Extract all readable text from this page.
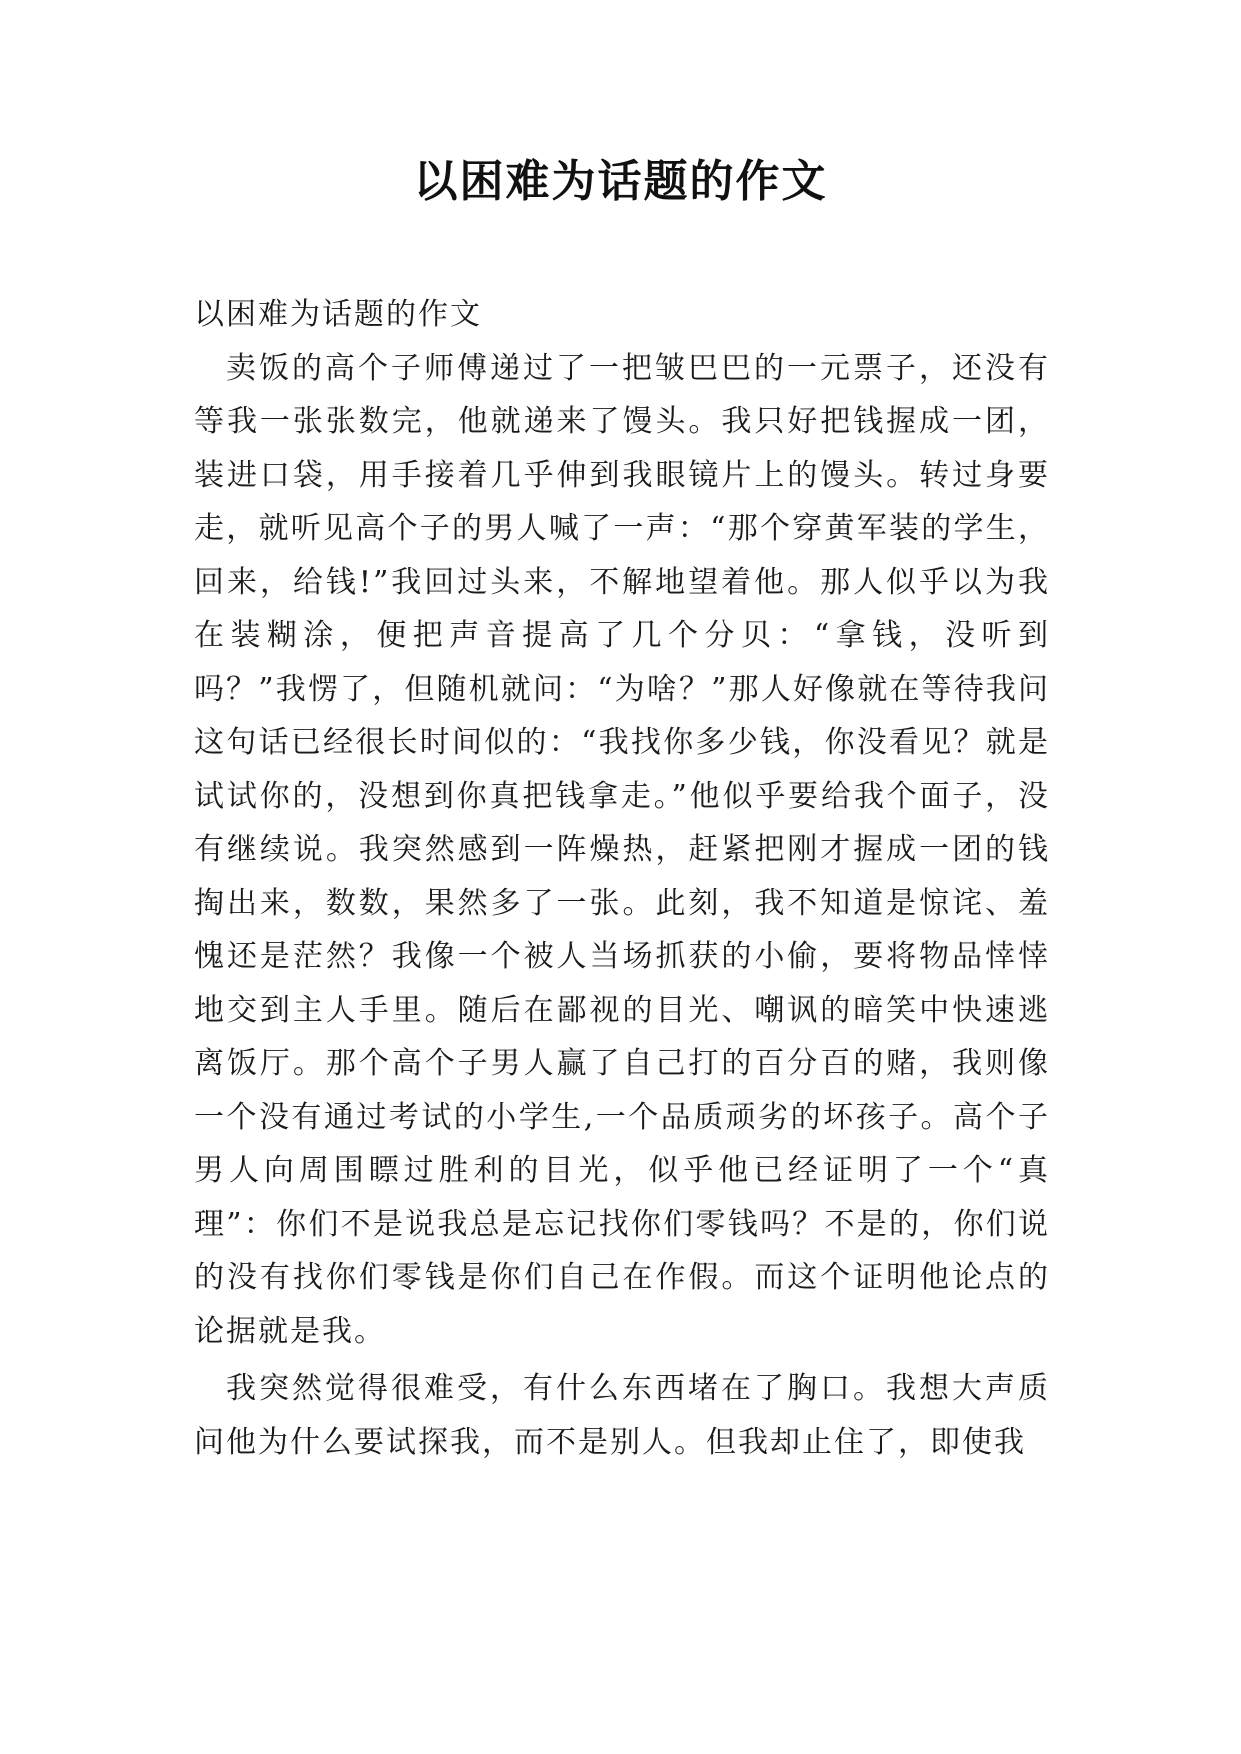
以困难为话题的作文

以困难为话题的作文

卖饭的高个子师傅递过了一把皱巴巴的一元票子，还没有等我一张张数完，他就递来了馒头。我只好把钱握成一团，装进口袋，用手接着几乎伸到我眼镜片上的馒头。转过身要走，就听见高个子的男人喊了一声：“那个穿黄军装的学生，回来，给钱!”我回过头来，不解地望着他。那人似乎以为我在装糊涂，便把声音提高了几个分贝：“拿钱，没听到吗？”我愣了，但随机就问：“为啥？”那人好像就在等待我问这句话已经很长时间似的：“我找你多少钱，你没看见？就是试试你的，没想到你真把钱拿走。”他似乎要给我个面子，没有继续说。我突然感到一阵燥热，赶紧把刚才握成一团的钱掏出来，数数，果然多了一张。此刻，我不知道是惊诧、羞愧还是茫然？我像一个被人当场抓获的小偷，要将物品悻悻地交到主人手里。随后在鄙视的目光、嘲讽的暗笑中快速逃离饭厅。那个高个子男人赢了自己打的百分百的赌，我则像一个没有通过考试的小学生,一个品质顽劣的坏孩子。高个子男人向周围瞟过胜利的目光，似乎他已经证明了一个“真理”：你们不是说我总是忘记找你们零钱吗？不是的，你们说的没有找你们零钱是你们自己在作假。而这个证明他论点的论据就是我。

我突然觉得很难受，有什么东西堵在了胸口。我想大声质问他为什么要试探我，而不是别人。但我却止住了，即使我
